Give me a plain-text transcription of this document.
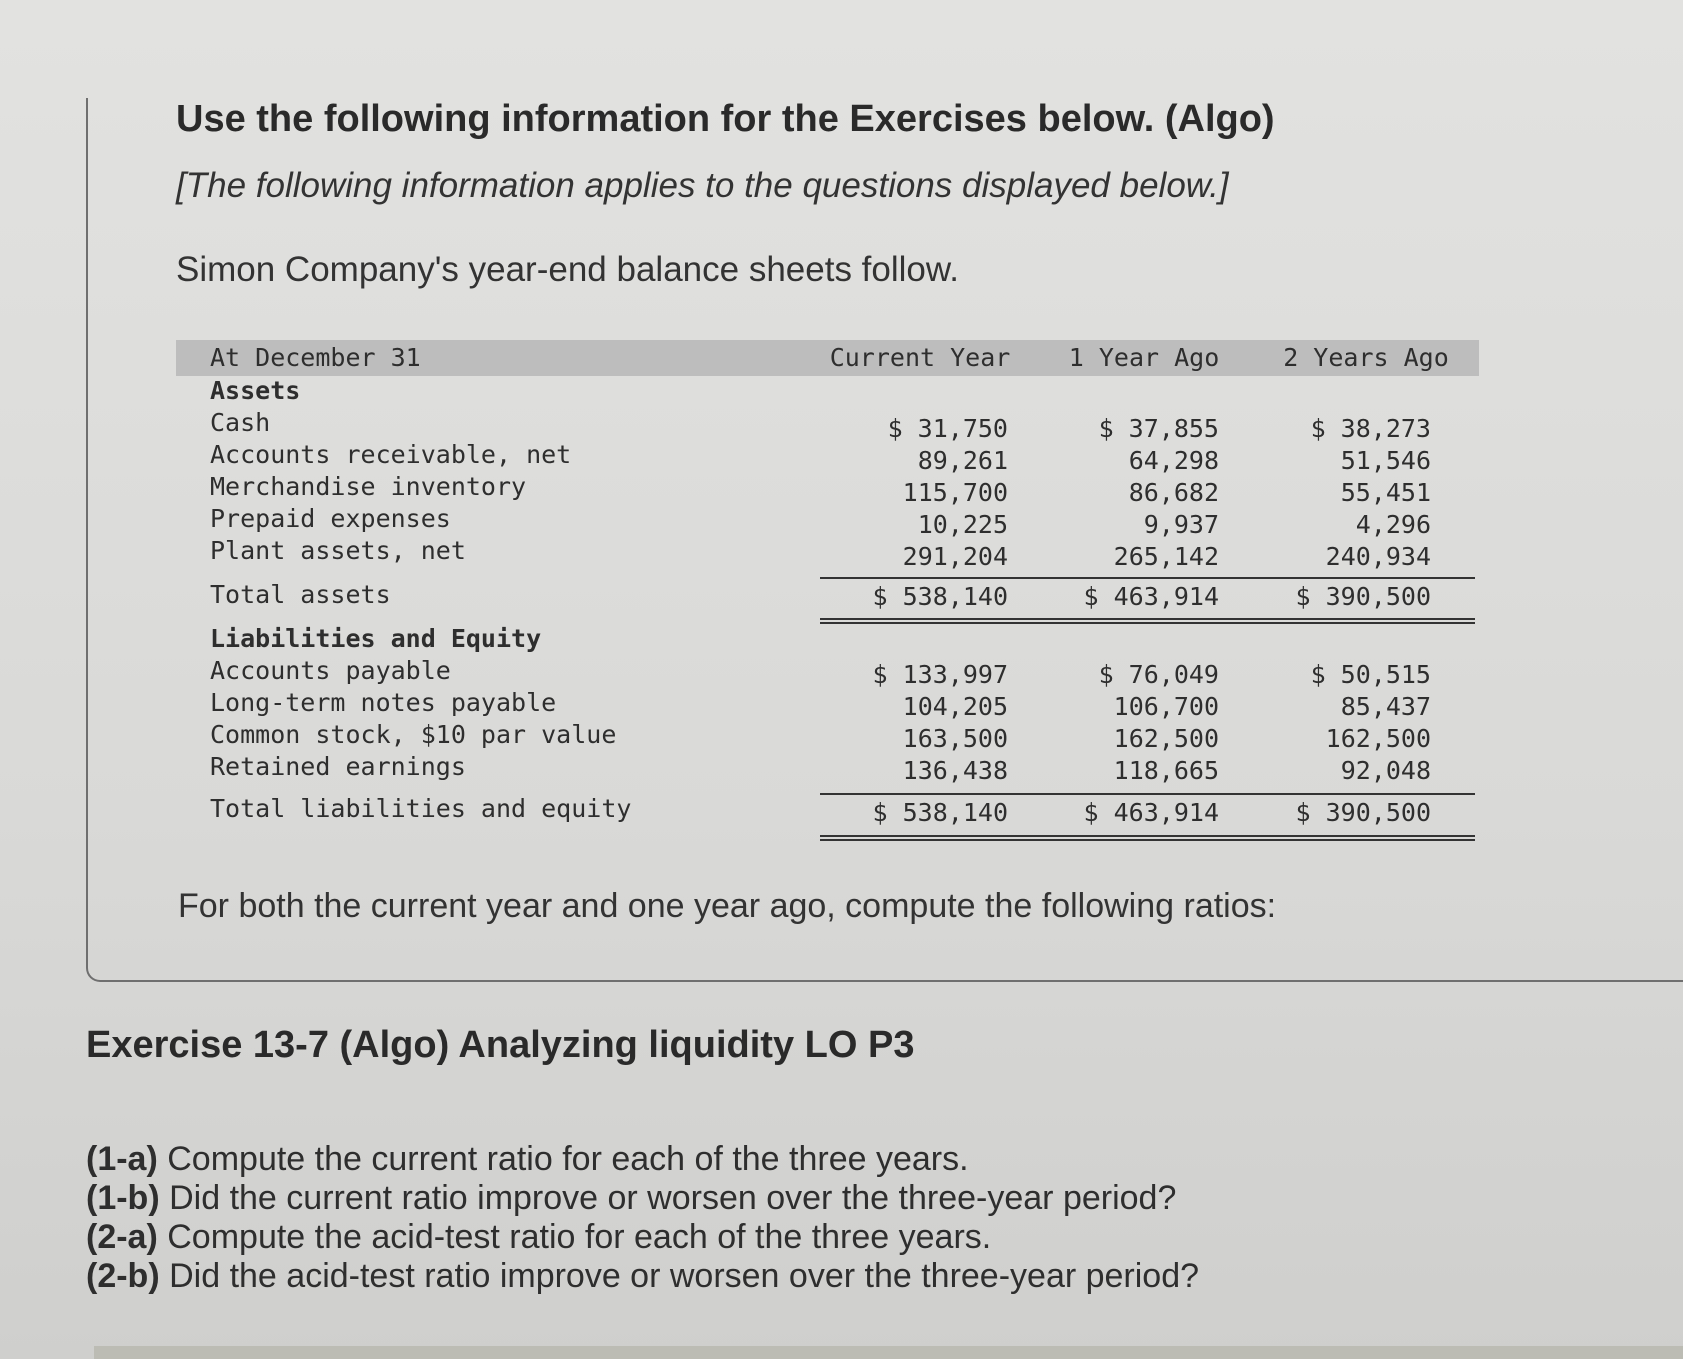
Use the following information for the Exercises below. (Algo)
[The following information applies to the questions displayed below.]
Simon Company's year-end balance sheets follow.
At December 31	Current Year	1 Year Ago	2 Years Ago
Assets
Cash	$ 31,750	$ 37,855	$ 38,273
Accounts receivable, net	89,261	64,298	51,546
Merchandise inventory	115,700	86,682	55,451
Prepaid expenses	10,225	9,937	4,296
Plant assets, net	291,204	265,142	240,934
Total assets	$ 538,140	$ 463,914	$ 390,500
Liabilities and Equity
Accounts payable	$ 133,997	$ 76,049	$ 50,515
Long-term notes payable	104,205	106,700	85,437
Common stock, $10 par value	163,500	162,500	162,500
Retained earnings	136,438	118,665	92,048
Total liabilities and equity	$ 538,140	$ 463,914	$ 390,500
For both the current year and one year ago, compute the following ratios:
Exercise 13-7 (Algo) Analyzing liquidity LO P3
(1-a) Compute the current ratio for each of the three years.
(1-b) Did the current ratio improve or worsen over the three-year period?
(2-a) Compute the acid-test ratio for each of the three years.
(2-b) Did the acid-test ratio improve or worsen over the three-year period?
